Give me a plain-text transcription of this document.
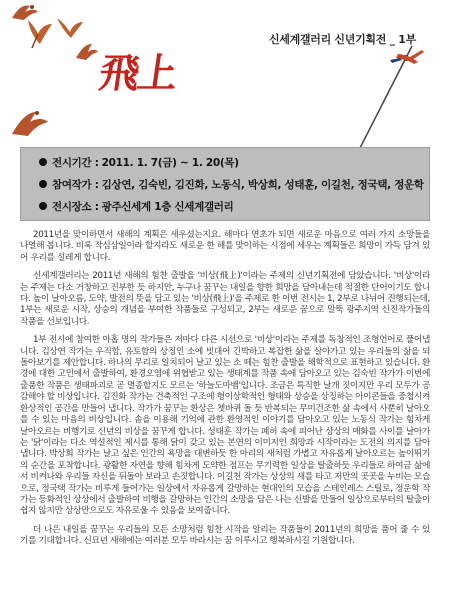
신세계갤러리 신년기획전 _ 1부
飛上
전시기간 : 2011. 1. 7(금) ~ 1. 20(목)
참여작가 : 김상연, 김숙빈, 김진화, 노동식, 박상희, 성태훈, 이길천, 정국택, 정운학
전시장소 : 광주신세계 1층 신세계갤러리

2011년을 맞이하면서 새해의 계획은 세우셨는지요. 해마다 연초가 되면 새로운 마음으로 여러 가지 소망들을 나열해 봅니다. 비록 작심삼일이라 할지라도 새로운 한 해를 맞이하는 시점에 세우는 계획들은 희망이 가득 담겨 있어 우리를 설레게 합니다.

신세계갤러리는 2011년 새해의 힘찬 출발을 '비상(飛上)'이라는 주제의 신년기획전에 담았습니다. '비상'이라는 주제는 다소 거창하고 진부한 듯 하지만, 누구나 꿈꾸는 내일을 향한 희망을 담아내는데 적절한 단어이기도 합니다. 높이 날아오름, 도약, 발전의 뜻을 담고 있는 '비상(飛上)'을 주제로 한 이번 전시는 1, 2부로 나뉘어 진행되는데, 1부는 새로운 시작, 상승의 개념을 부여한 작품들로 구성되고, 2부는 새로운 꿈으로 말뚝 광주지역 신진작가들의 작품을 선보입니다.

1부 전시에 참여한 아홉 명의 작가들은 저마다 다른 시선으로 '비상'이라는 주제를 독창적인 조형언어로 풀어냅니다. 김상연 작가는 우직함, 유토함의 상징인 소에 빗대어 긴박하고 복잡한 삶을 살아가고 있는 우리들의 삶을 되돌아보기를 제안합니다. 하나의 무리로 일치되어 날고 있는 소 떼는 힘찬 출발을 해학적으로 표현하고 있습니다. 환경에 대한 고민에서 출발하여, 환경오염에 위협받고 있는 생태계를 작품 속에 담아오고 있는 김숙빈 작가가 이번에 출품한 작품은 생태파괴로 곧 멸종할지도 모르는 '하늘도마뱀'입니다. 조금은 특직한 날개 짓이지만 우리 모두가 공감해야 할 비상입니다. 김진화 작가는 건축적인 구조에 형이상학적인 형태와 상승을 상징하는 아이콘들을 중첩시켜 환상적인 공간을 만들어 냅니다. 작가가 꿈꾸는 환상은 쳇바퀴 돌 듯 반복되는 무미건조한 삶 속에서 사뿐히 날아오를 수 있는 마음의 비상입니다. 솜을 이용해 기억에 관한 환영적인 이야기를 담아오고 있는 노동식 작가는 힘차게 날아오르는 비행기로 신년의 비상을 꿈꾸게 합니다. 성태훈 작가는 폐허 속에 피어난 상상의 매화를 사이를 날아가는 '닭'이라는 다소 역설적인 제시를 통해 닭이 갖고 있는 본연의 이미지인 희망과 시작이라는 도전의 의지를 담아냅니다. 박상희 작가는 날고 싶은 인간의 욕망을 대변하듯 한 마리의 새처럼 가볍고 자유롭게 날아오르는 높이뛰기의 순간을 포착합니다. 광활한 자연을 향해 힘차게 도약한 점프는 무기력한 일상을 탈출하듯 우리들로 하여금 삶에서 비켜나와 우리들 자신을 뒤돌아 보라고 손짓합니다. 이길천 작가는 상상의 새를 타고 저만의 곳곳을 누비는 모습으로, 정국택 작가는 비루게 들어가는 일상에서 자유롭게 갈망하는 현대인의 모습을 스테인레스 스틸로, 정운학 작가는 등화적인 상상에서 출발하여 비행을 갈망하는 인간의 소망을 담은 나는 신발을 만들어 일상으로부터의 탈출이 쉽지 않지만 상상만으로도 자유로울 수 있음을 보여줍니다.

더 나은 내일을 꿈꾸는 우리들의 모든 소망처럼 힘찬 시작을 알리는 작품들이 2011년의 희망을 품어 줄 수 있기를 기대합니다. 신묘년 새해에는 여러분 모두 바라시는 꿈 이루시고 행복하시길 기원합니다.
